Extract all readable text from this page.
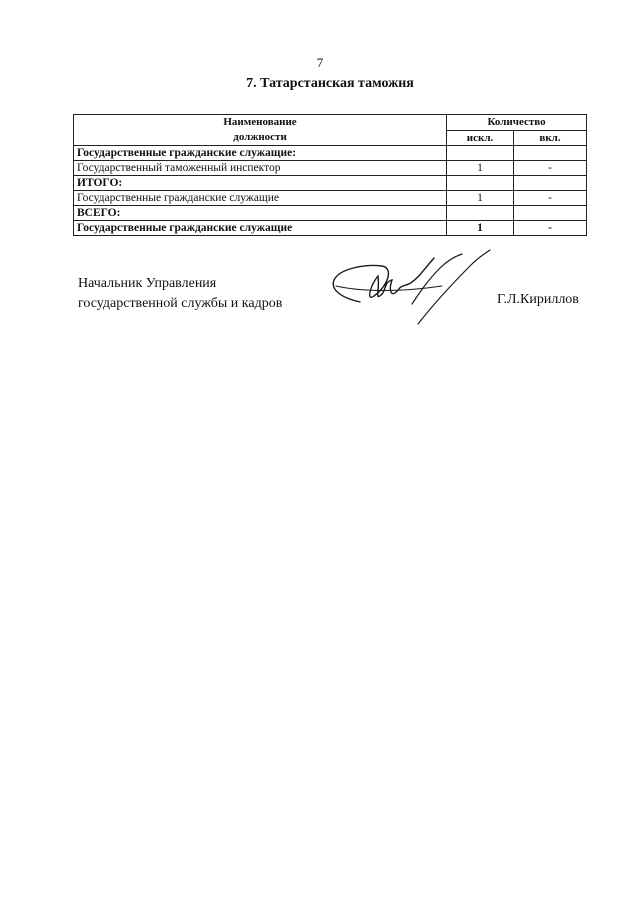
7
7. Татарстанская таможня
Наименование
должности	Количество	
	искл.	вкл.
Государственные гражданские служащие:		
Государственный таможенный инспектор	1	-
ИТОГО:		
Государственные гражданские служащие	1	-
ВСЕГО:		
Государственные гражданские служащие	1	-
Начальник Управления
государственной службы и кадров	Г.Л.Кириллов
